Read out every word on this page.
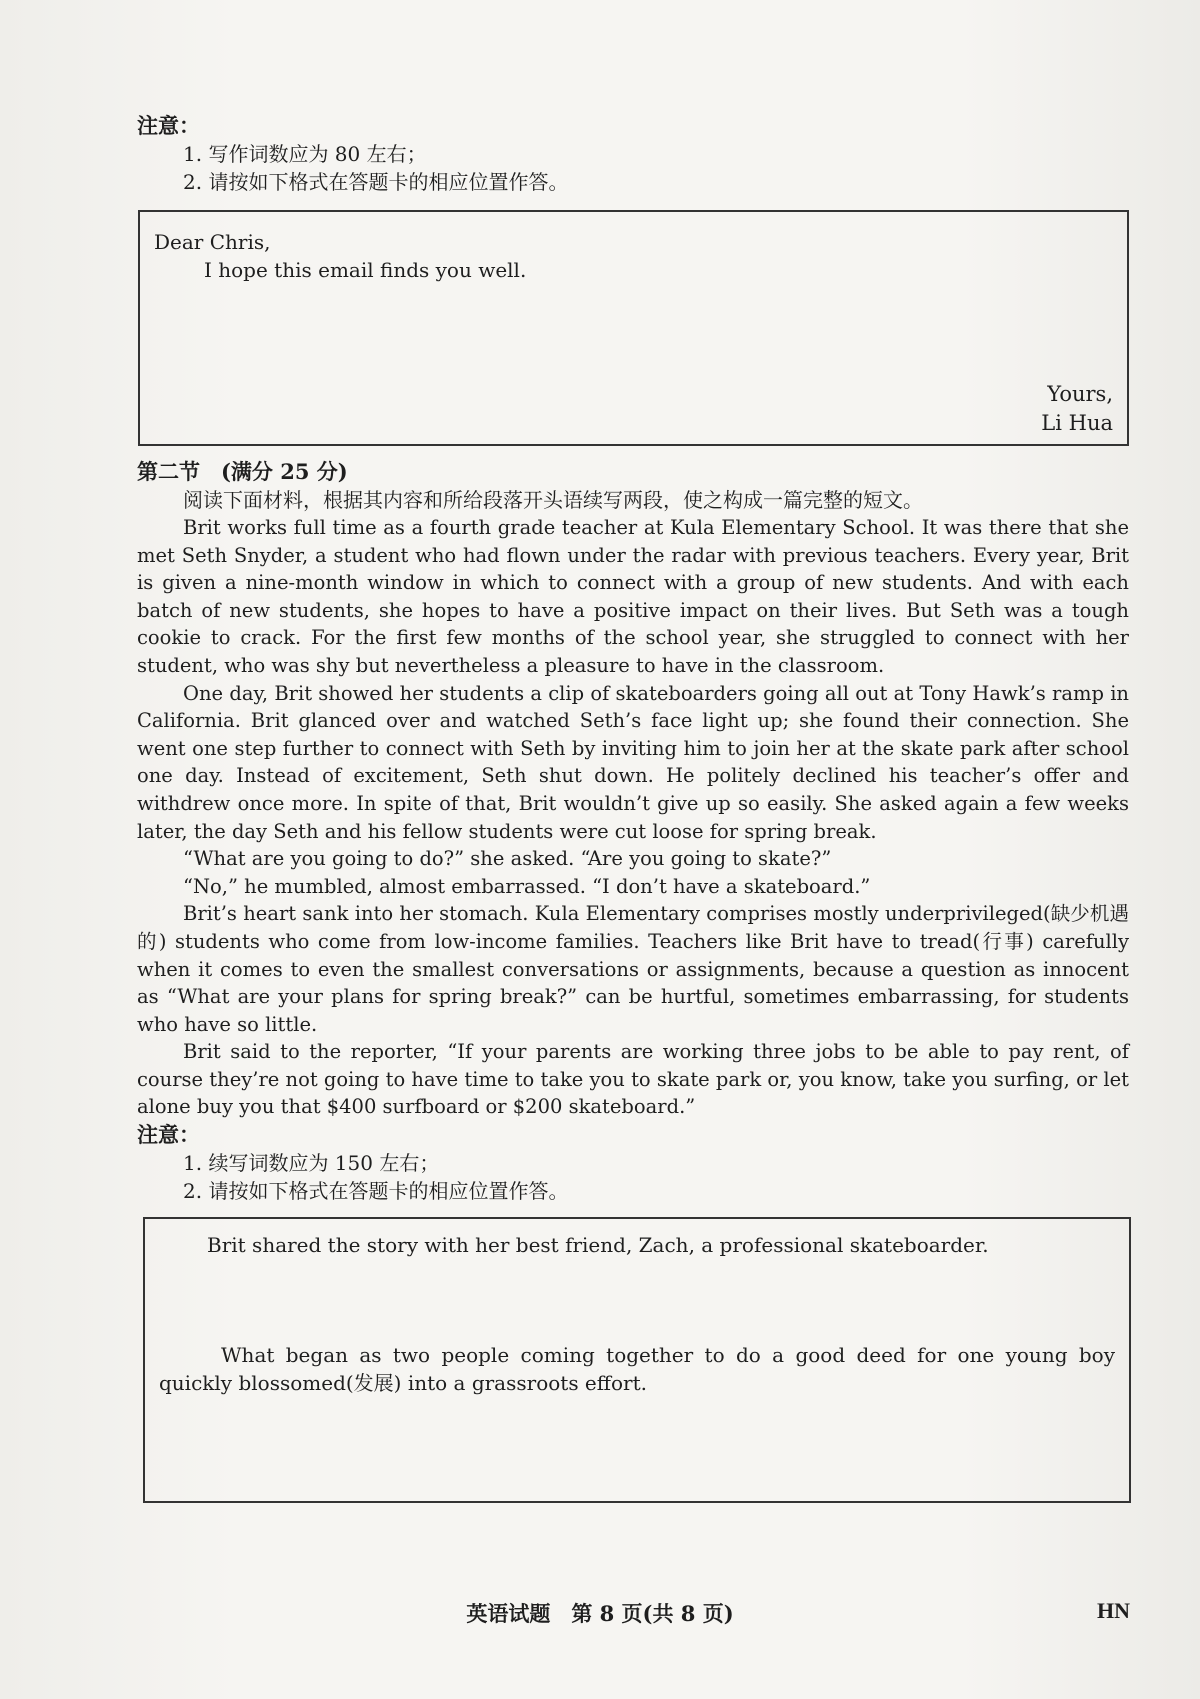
注意：
1. 写作词数应为 80 左右；
2. 请按如下格式在答题卡的相应位置作答。
Dear Chris,
I hope this email finds you well.
Yours,
Li Hua
第二节　(满分 25 分)
阅读下面材料，根据其内容和所给段落开头语续写两段，使之构成一篇完整的短文。

Brit works full time as a fourth grade teacher at Kula Elementary School. It was there that she met Seth Snyder, a student who had flown under the radar with previous teachers. Every year, Brit is given a nine-month window in which to connect with a group of new students. And with each batch of new students, she hopes to have a positive impact on their lives. But Seth was a tough cookie to crack. For the first few months of the school year, she struggled to connect with her student, who was shy but nevertheless a pleasure to have in the classroom.

One day, Brit showed her students a clip of skateboarders going all out at Tony Hawk’s ramp in California. Brit glanced over and watched Seth’s face light up; she found their connection. She went one step further to connect with Seth by inviting him to join her at the skate park after school one day. Instead of excitement, Seth shut down. He politely declined his teacher’s offer and withdrew once more. In spite of that, Brit wouldn’t give up so easily. She asked again a few weeks later, the day Seth and his fellow students were cut loose for spring break.

“What are you going to do?” she asked. “Are you going to skate?”

“No,” he mumbled, almost embarrassed. “I don’t have a skateboard.”

Brit’s heart sank into her stomach. Kula Elementary comprises mostly underprivileged(缺少机遇的) students who come from low-income families. Teachers like Brit have to tread(行事) carefully when it comes to even the smallest conversations or assignments, because a question as innocent as “What are your plans for spring break?” can be hurtful, sometimes embarrassing, for students who have so little.

Brit said to the reporter, “If your parents are working three jobs to be able to pay rent, of course they’re not going to have time to take you to skate park or, you know, take you surfing, or let alone buy you that $400 surfboard or $200 skateboard.”

注意：
1. 续写词数应为 150 左右；
2. 请按如下格式在答题卡的相应位置作答。
Brit shared the story with her best friend, Zach, a professional skateboarder.
What began as two people coming together to do a good deed for one young boy quickly blossomed(发展) into a grassroots effort.
英语试题　第 8 页(共 8 页)	HN
